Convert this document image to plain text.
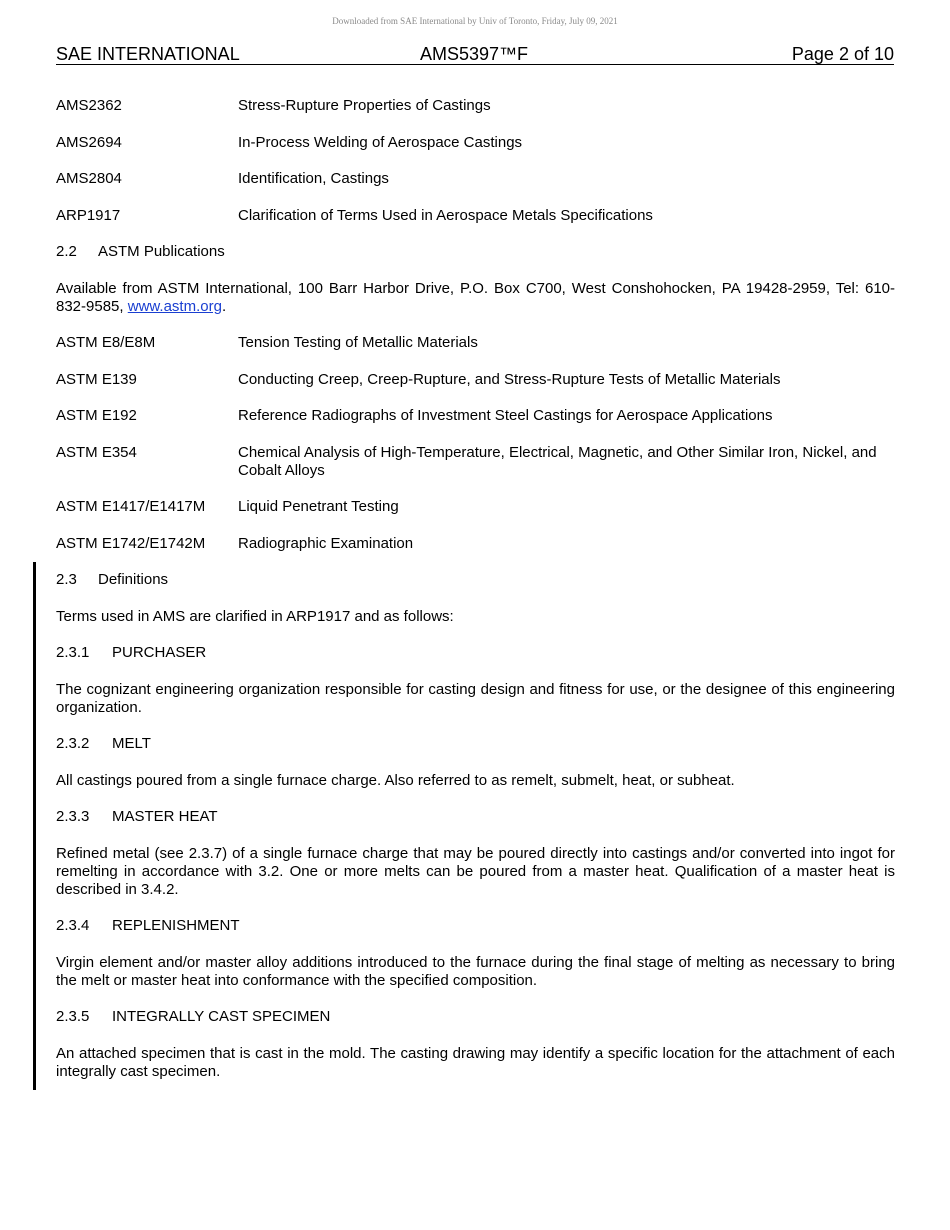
Downloaded from SAE International by Univ of Toronto, Friday, July 09, 2021
SAE INTERNATIONAL	AMS5397™F	Page 2 of 10
AMS2362	Stress-Rupture Properties of Castings
AMS2694	In-Process Welding of Aerospace Castings
AMS2804	Identification, Castings
ARP1917	Clarification of Terms Used in Aerospace Metals Specifications
2.2 ASTM Publications
Available from ASTM International, 100 Barr Harbor Drive, P.O. Box C700, West Conshohocken, PA 19428-2959, Tel: 610-832-9585, www.astm.org.
ASTM E8/E8M	Tension Testing of Metallic Materials
ASTM E139	Conducting Creep, Creep-Rupture, and Stress-Rupture Tests of Metallic Materials
ASTM E192	Reference Radiographs of Investment Steel Castings for Aerospace Applications
ASTM E354	Chemical Analysis of High-Temperature, Electrical, Magnetic, and Other Similar Iron, Nickel, and Cobalt Alloys
ASTM E1417/E1417M	Liquid Penetrant Testing
ASTM E1742/E1742M	Radiographic Examination
2.3 Definitions
Terms used in AMS are clarified in ARP1917 and as follows:
2.3.1 PURCHASER
The cognizant engineering organization responsible for casting design and fitness for use, or the designee of this engineering organization.
2.3.2 MELT
All castings poured from a single furnace charge. Also referred to as remelt, submelt, heat, or subheat.
2.3.3 MASTER HEAT
Refined metal (see 2.3.7) of a single furnace charge that may be poured directly into castings and/or converted into ingot for remelting in accordance with 3.2. One or more melts can be poured from a master heat. Qualification of a master heat is described in 3.4.2.
2.3.4 REPLENISHMENT
Virgin element and/or master alloy additions introduced to the furnace during the final stage of melting as necessary to bring the melt or master heat into conformance with the specified composition.
2.3.5 INTEGRALLY CAST SPECIMEN
An attached specimen that is cast in the mold. The casting drawing may identify a specific location for the attachment of each integrally cast specimen.
